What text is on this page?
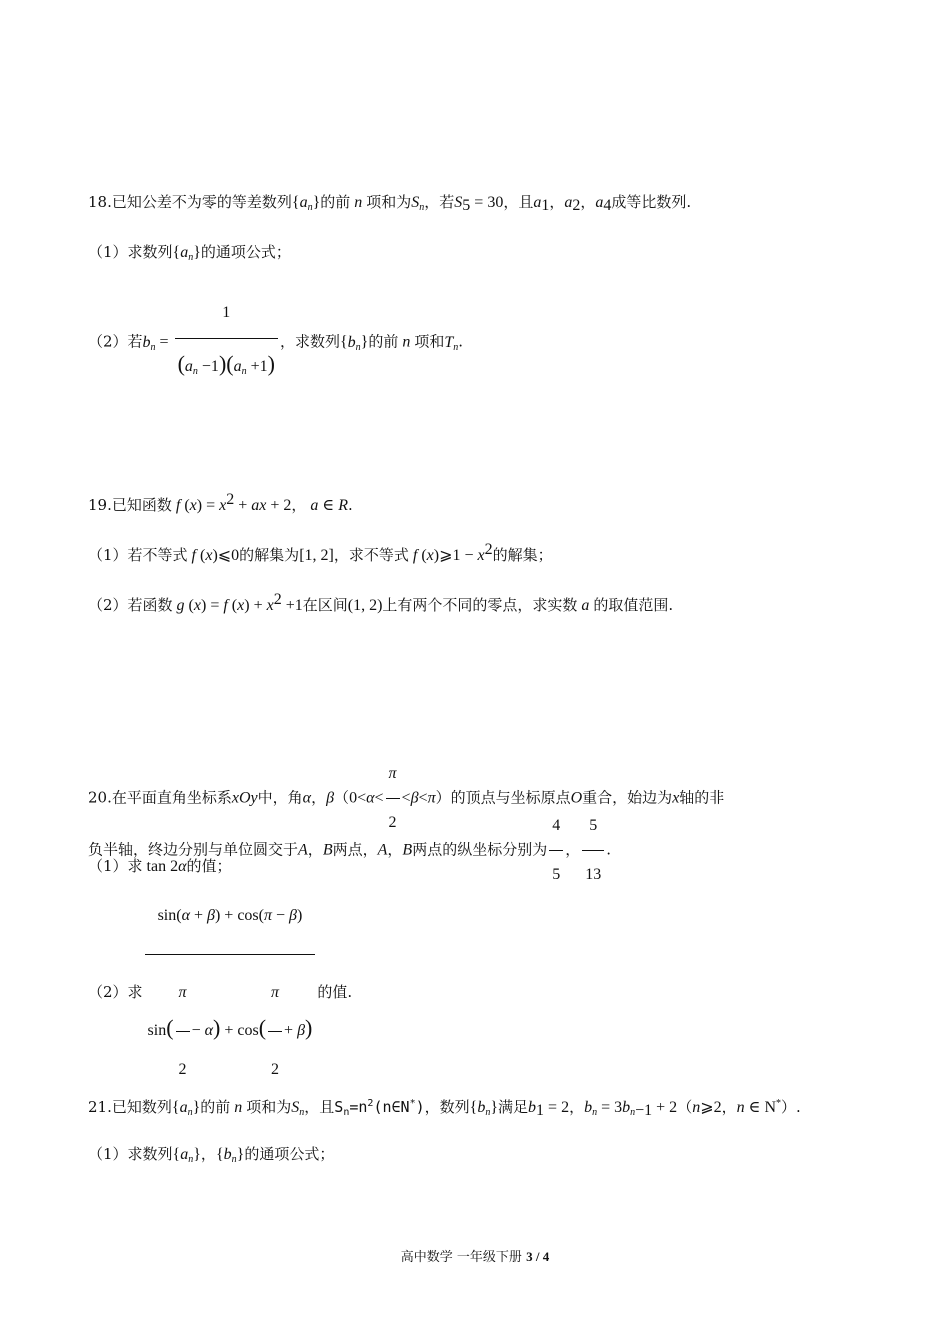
18.已知公差不为零的等差数列$\{a_n\}$的前 n 项和为$S_n$，若$S_5 = 30$，且$a_1$，$a_2$，$a_4$成等比数列.
（1）求数列$\{a_n\}$的通项公式；
（2）若$b_n = \frac{1}{(a_n -1)(a_n +1)}$ ，求数列$\{b_n\}$的前 n 项和$T_n$.
19.已知函数 f $(x) = x^2$ + ax + 2， a ∈ R.
（1）若不等式 f (x)⩽0的解集为[1, 2]，求不等式 f (x)⩾1 − $x^2$的解集；
（2）若函数 g (x) = f $(x) + x^2 +1$在区间(1, 2)上有两个不同的零点，求实数 a 的取值范围.
20.在平面直角坐标系xOy中，角α，$\beta(0<\alpha< \frac{\pi}{2} <\beta<\pi)$的顶点与坐标原点O重合，始边为x轴的非
负半轴，终边分别与单位圆交于A，B两点，A，B两点的纵坐标分别为 $\frac{4}{5}$ ， $\frac{5}{13}$ .
（1）求 tan 2α的值；
（2）求 $\frac{\sin(\alpha + \beta) + \cos(\pi - \beta)}{\sin( \frac{\pi}{2} - \alpha) + \cos( \frac{\pi}{2} + \beta)}$ 的值.
21.已知数列$\{a_n\}$的前 n 项和为$S_n$，且$S_n=n^2(n\in N^*)$，数列$\{b_n\}$满足$b_1 = 2$，$b_n = 3b_{n-1}$ + 2（n⩾2，n ∈ N*）.
（1）求数列$\{a_n\}$，$\{b_n\}$的通项公式；
高中数学 一年级下册 3 / 4
